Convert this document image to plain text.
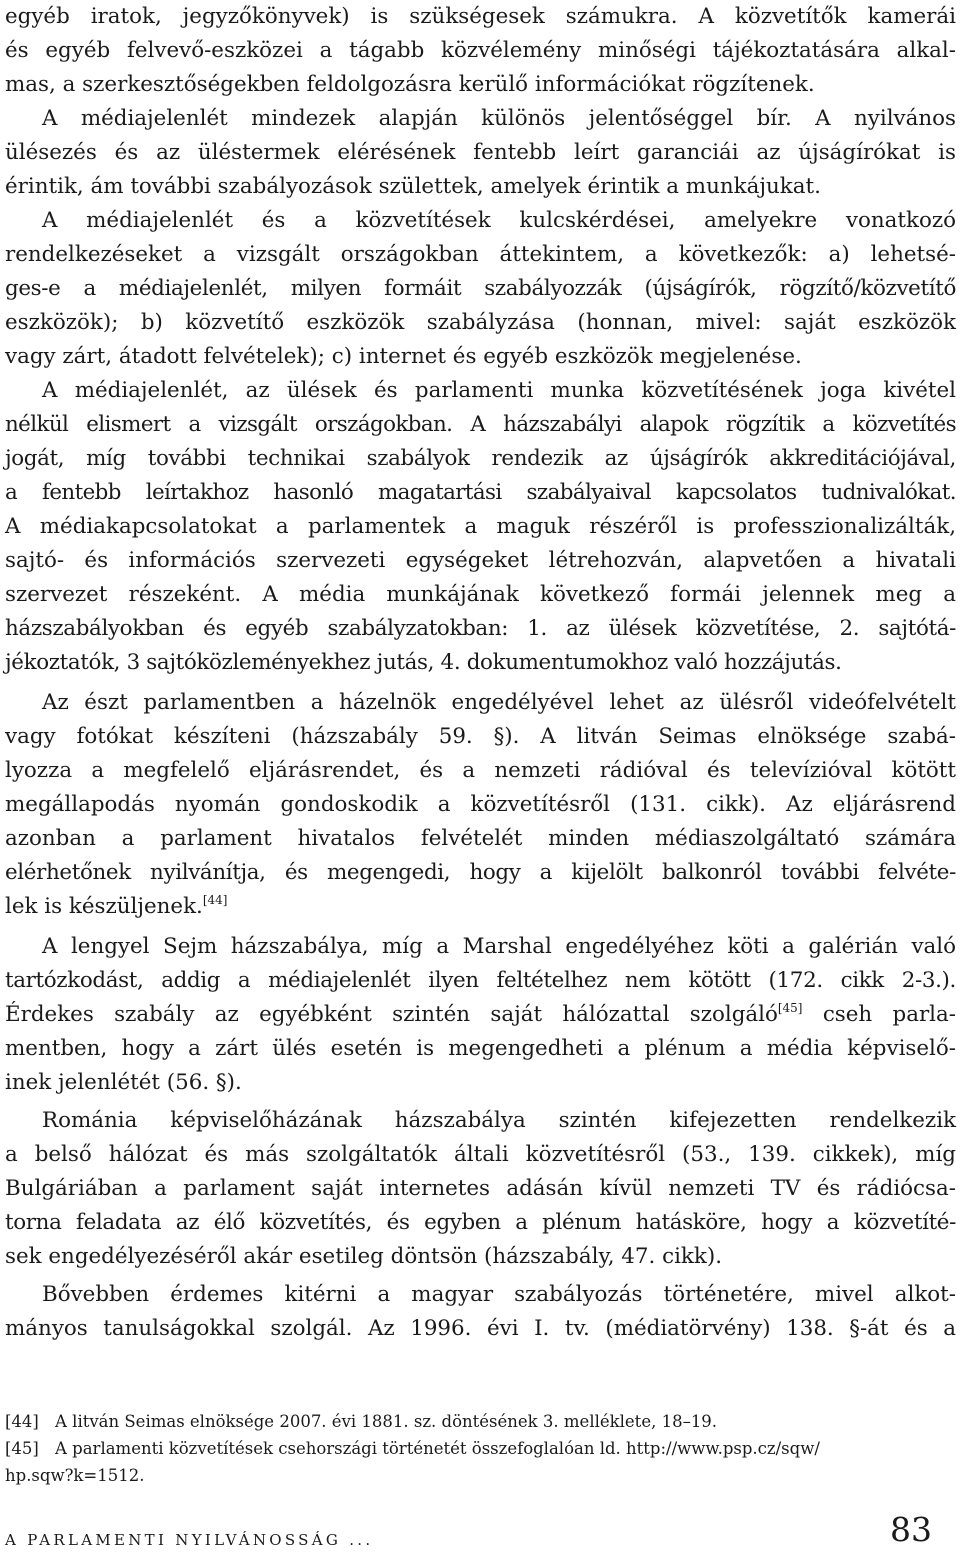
egyéb iratok, jegyzőkönyvek) is szükségesek számukra. A közvetítők kamerái
és egyéb felvevő-eszközei a tágabb közvélemény minőségi tájékoztatására alkal-
mas, a szerkesztőségekben feldolgozásra kerülő információkat rögzítenek.
A médiajelenlét mindezek alapján különös jelentőséggel bír. A nyilvános
ülésezés és az üléstermek elérésének fentebb leírt garanciái az újságírókat is
érintik, ám további szabályozások születtek, amelyek érintik a munkájukat.
A médiajelenlét és a közvetítések kulcskérdései, amelyekre vonatkozó
rendelkezéseket a vizsgált országokban áttekintem, a következők: a) lehetsé-
ges-e a médiajelenlét, milyen formáit szabályozzák (újságírók, rögzítő/közvetítő
eszközök); b) közvetítő eszközök szabályzása (honnan, mivel: saját eszközök
vagy zárt, átadott felvételek); c) internet és egyéb eszközök megjelenése.
A médiajelenlét, az ülések és parlamenti munka közvetítésének joga kivétel
nélkül elismert a vizsgált országokban. A házszabályi alapok rögzítik a közvetítés
jogát, míg további technikai szabályok rendezik az újságírók akkreditációjával,
a fentebb leírtakhoz hasonló magatartási szabályaival kapcsolatos tudnivalókat.
A médiakapcsolatokat a parlamentek a maguk részéről is professzionalizálták,
sajtó- és információs szervezeti egységeket létrehozván, alapvetően a hivatali
szervezet részeként. A média munkájának következő formái jelennek meg a
házszabályokban és egyéb szabályzatokban: 1. az ülések közvetítése, 2. sajtótá-
jékoztatók, 3 sajtóközleményekhez jutás, 4. dokumentumokhoz való hozzájutás.
Az észt parlamentben a házelnök engedélyével lehet az ülésről videófelvételt
vagy fotókat készíteni (házszabály 59. §). A litván Seimas elnöksége szabá-
lyozza a megfelelő eljárásrendet, és a nemzeti rádióval és televízióval kötött
megállapodás nyomán gondoskodik a közvetítésről (131. cikk). Az eljárásrend
azonban a parlament hivatalos felvételét minden médiaszolgáltató számára
elérhetőnek nyilvánítja, és megengedi, hogy a kijelölt balkonról további felvéte-
lek is készüljenek.[44]
A lengyel Sejm házszabálya, míg a Marshal engedélyéhez köti a galérián való
tartózkodást, addig a médiajelenlét ilyen feltételhez nem kötött (172. cikk 2-3.).
Érdekes szabály az egyébként szintén saját hálózattal szolgáló[45] cseh parla-
mentben, hogy a zárt ülés esetén is megengedheti a plénum a média képviselő-
inek jelenlétét (56. §).
Románia képviselőházának házszabálya szintén kifejezetten rendelkezik
a belső hálózat és más szolgáltatók általi közvetítésről (53., 139. cikkek), míg
Bulgáriában a parlament saját internetes adásán kívül nemzeti TV és rádiócsa-
torna feladata az élő közvetítés, és egyben a plénum hatásköre, hogy a közvetíté-
sek engedélyezéséről akár esetileg döntsön (házszabály, 47. cikk).
Bővebben érdemes kitérni a magyar szabályozás történetére, mivel alkot-
mányos tanulságokkal szolgál. Az 1996. évi I. tv. (médiatörvény) 138. §-át és a
[44] A litván Seimas elnöksége 2007. évi 1881. sz. döntésének 3. melléklete, 18–19.
[45] A parlamenti közvetítések csehországi történetét összefoglalóan ld. http://www.psp.cz/sqw/
hp.sqw?k=1512.
A PARLAMENTI NYILVÁNOSSÁG ...	83
